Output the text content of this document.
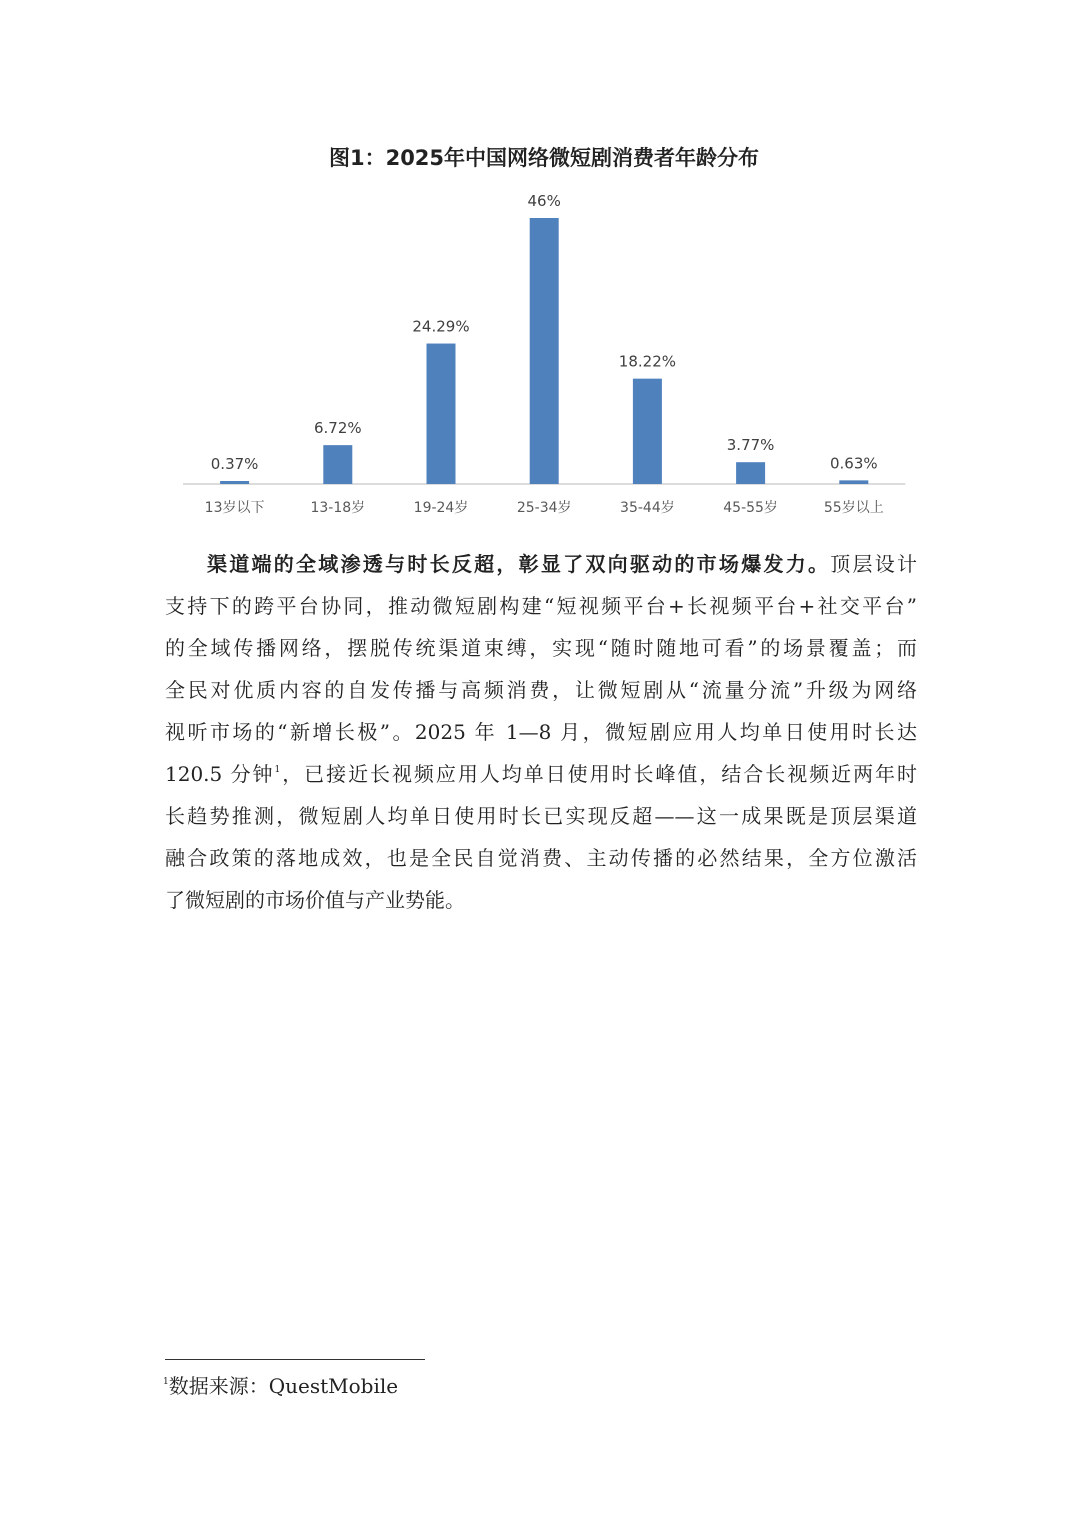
图1：2025年中国网络微短剧消费者年龄分布
0.37%
13岁以下
6.72%
13-18岁
24.29%
19-24岁
46%
25-34岁
18.22%
35-44岁
3.77%
45-55岁
0.63%
55岁以上
渠道端的全域渗透与时长反超，彰显了双向驱动的市场爆发力。顶层设计
支持下的跨平台协同，推动微短剧构建“短视频平台+长视频平台+社交平台”
的全域传播网络，摆脱传统渠道束缚，实现“随时随地可看”的场景覆盖；而
全民对优质内容的自发传播与高频消费，让微短剧从“流量分流”升级为网络
视听市场的“新增长极”。2025 年 1—8 月，微短剧应用人均单日使用时长达
120.5 分钟$^1$，已接近长视频应用人均单日使用时长峰值，结合长视频近两年时
长趋势推测，微短剧人均单日使用时长已实现反超——这一成果既是顶层渠道
融合政策的落地成效，也是全民自觉消费、主动传播的必然结果，全方位激活
了微短剧的市场价值与产业势能。
$^1$数据来源：QuestMobile
